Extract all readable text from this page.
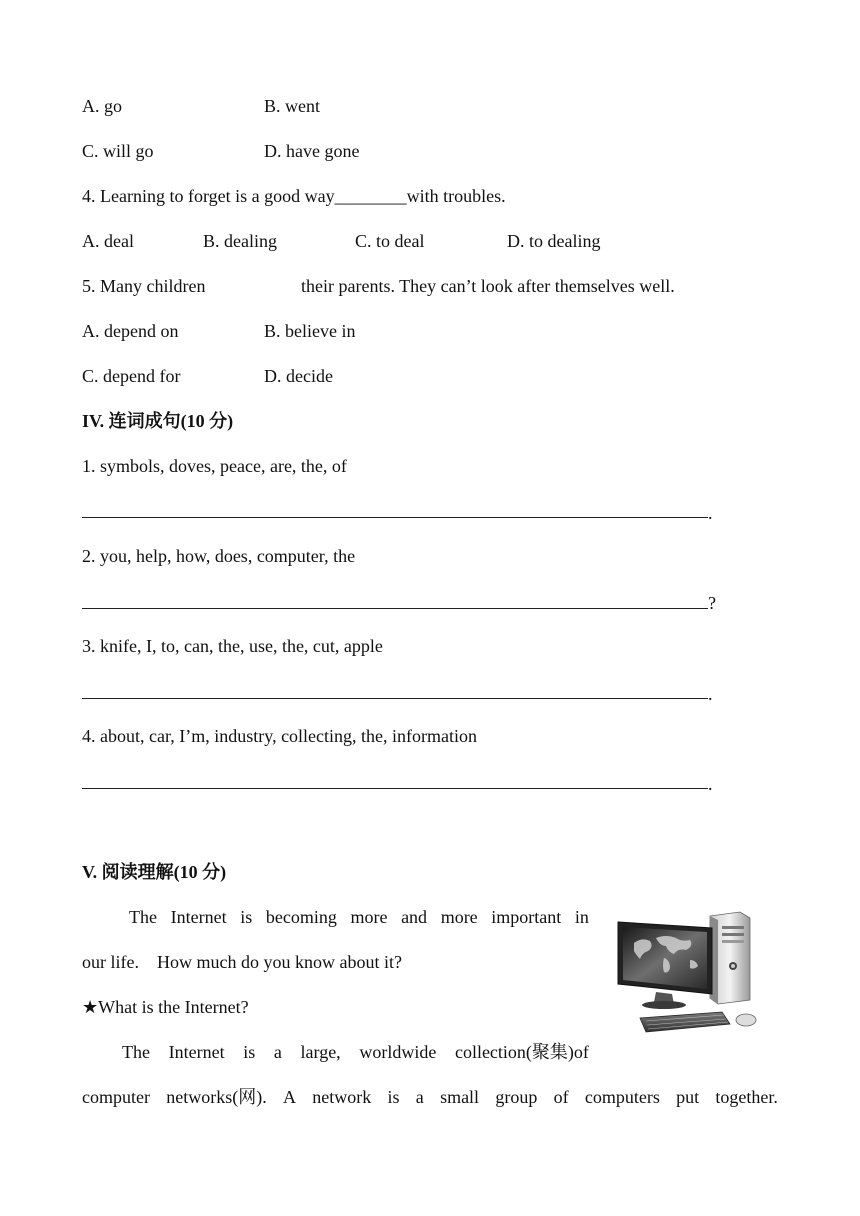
A. go	B. went
C. will go	D. have gone
4. Learning to forget is a good way________with troubles.
A. deal	B. dealing	C. to deal	D. to dealing
5. Many children	their parents. They can’t look after themselves well.
A. depend on	B. believe in
C. depend for	D. decide
IV. 连词成句(10 分)
1. symbols, doves, peace, are, the, of
.
2. you, help, how, does, computer, the
?
3. knife, I, to, can, the, use, the, cut, apple
.
4. about, car, I’m, industry, collecting, the, information
.
V. 阅读理解(10 分)
The Internet is becoming more and more important in
our life.    How much do you know about it?
★What is the Internet?
The Internet is a large, worldwide collection(聚集)of
computer networks(网). A network is a small group of computers put together.
